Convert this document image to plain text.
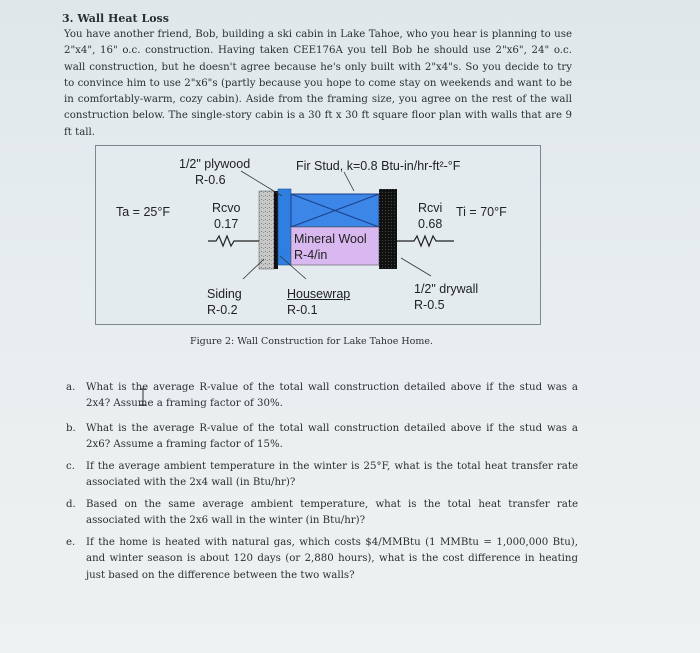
3. Wall Heat Loss
You have another friend, Bob, building a ski cabin in Lake Tahoe, who you hear is planning to use 2"x4", 16" o.c. construction. Having taken CEE176A you tell Bob he should use 2"x6", 24" o.c. wall construction, but he doesn't agree because he's only built with 2"x4"s. So you decide to try to convince him to use 2"x6"s (partly because you hope to come stay on weekends and want to be in comfortably-warm, cozy cabin). Aside from the framing size, you agree on the rest of the wall construction below. The single-story cabin is a 30 ft x 30 ft square floor plan with walls that are 9 ft tall.
1/2" plywood
R-0.6
Fir Stud, k=0.8 Btu-in/hr-ft²-°F
Ta = 25°F	Rcvo
0.17
Rcvi
0.68
Ti = 70°F
Mineral Wool
R-4/in
Siding
R-0.2
Housewrap
R-0.1
1/2" drywall
R-0.5
Figure 2: Wall Construction for Lake Tahoe Home.
a. What is the average R-value of the total wall construction detailed above if the stud was a 2x4? Assume a framing factor of 30%.
b. What is the average R-value of the total wall construction detailed above if the stud was a 2x6? Assume a framing factor of 15%.
c. If the average ambient temperature in the winter is 25°F, what is the total heat transfer rate associated with the 2x4 wall (in Btu/hr)?
d. Based on the same average ambient temperature, what is the total heat transfer rate associated with the 2x6 wall in the winter (in Btu/hr)?
e. If the home is heated with natural gas, which costs $4/MMBtu (1 MMBtu = 1,000,000 Btu), and winter season is about 120 days (or 2,880 hours), what is the cost difference in heating just based on the difference between the two walls?
